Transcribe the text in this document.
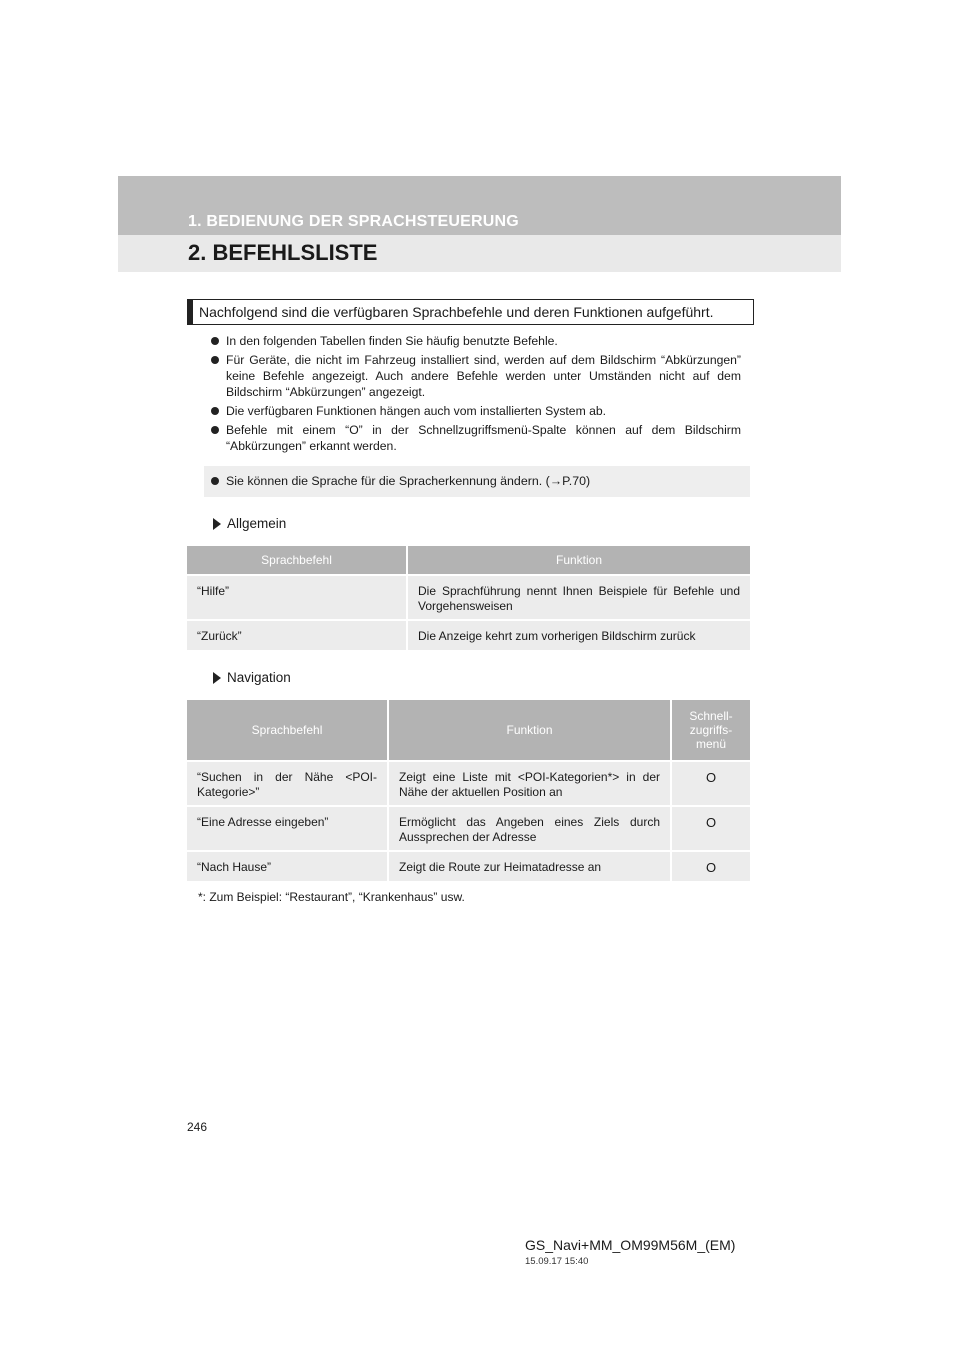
1. BEDIENUNG DER SPRACHSTEUERUNG
2. BEFEHLSLISTE
Nachfolgend sind die verfügbaren Sprachbefehle und deren Funktionen aufgeführt.
In den folgenden Tabellen finden Sie häufig benutzte Befehle.
Für Geräte, die nicht im Fahrzeug installiert sind, werden auf dem Bildschirm “Abkürzungen” keine Befehle angezeigt. Auch andere Befehle werden unter Umständen nicht auf dem Bildschirm “Abkürzungen” angezeigt.
Die verfügbaren Funktionen hängen auch vom installierten System ab.
Befehle mit einem “O” in der Schnellzugriffsmenü-Spalte können auf dem Bildschirm “Abkürzungen” erkannt werden.
Sie können die Sprache für die Spracherkennung ändern. (→P.70)
Allgemein
Sprachbefehl	Funktion
“Hilfe”	Die Sprachführung nennt Ihnen Beispiele für Befehle und Vorgehensweisen
“Zurück”	Die Anzeige kehrt zum vorherigen Bildschirm zurück
Navigation
Sprachbefehl	Funktion	Schnell-zugriffs-menü
“Suchen in der Nähe <POI-Kategorie>”	Zeigt eine Liste mit <POI-Kategorien*> in der Nähe der aktuellen Position an	O
“Eine Adresse eingeben”	Ermöglicht das Angeben eines Ziels durch Aussprechen der Adresse	O
“Nach Hause”	Zeigt die Route zur Heimatadresse an	O
*: Zum Beispiel: “Restaurant”, “Krankenhaus” usw.
246
GS_Navi+MM_OM99M56M_(EM)
15.09.17 15:40
